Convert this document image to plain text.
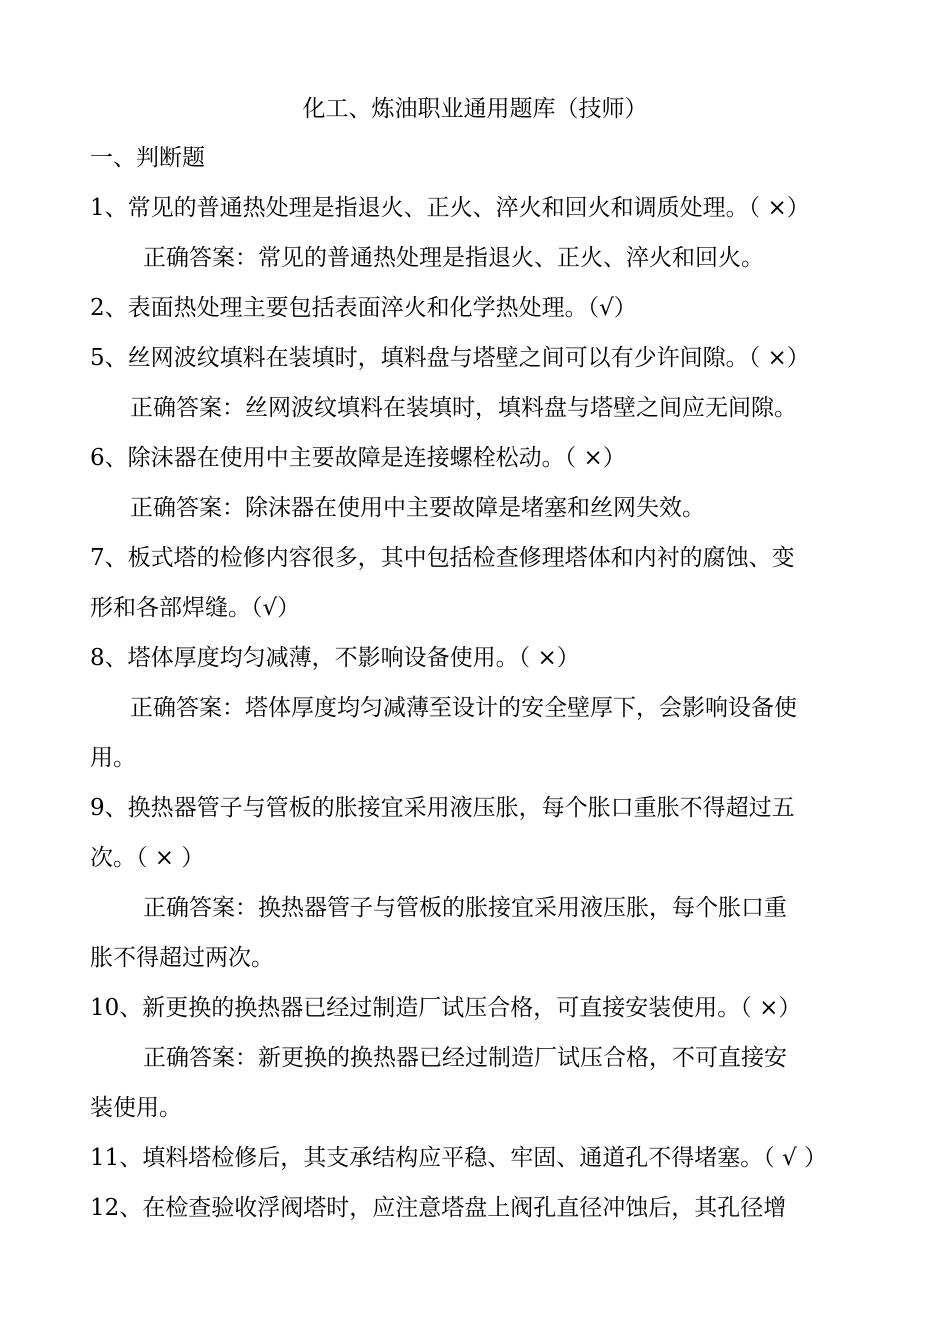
化工、炼油职业通用题库（技师）
一、判断题
1、常见的普通热处理是指退火、正火、淬火和回火和调质处理。（ ×）
正确答案：常见的普通热处理是指退火、正火、淬火和回火。
2、表面热处理主要包括表面淬火和化学热处理。（√）
5、丝网波纹填料在装填时，填料盘与塔壁之间可以有少许间隙。（ ×）
正确答案：丝网波纹填料在装填时，填料盘与塔壁之间应无间隙。
6、除沫器在使用中主要故障是连接螺栓松动。（ ×）
正确答案：除沫器在使用中主要故障是堵塞和丝网失效。
7、板式塔的检修内容很多，其中包括检查修理塔体和内衬的腐蚀、变
形和各部焊缝。（√）
8、塔体厚度均匀减薄，不影响设备使用。（ ×）
正确答案：塔体厚度均匀减薄至设计的安全壁厚下，会影响设备使
用。
9、换热器管子与管板的胀接宜采用液压胀，每个胀口重胀不得超过五
次。（ × ）
正确答案：换热器管子与管板的胀接宜采用液压胀，每个胀口重
胀不得超过两次。
10、新更换的换热器已经过制造厂试压合格，可直接安装使用。（ ×）
正确答案：新更换的换热器已经过制造厂试压合格，不可直接安
装使用。
11、填料塔检修后，其支承结构应平稳、牢固、通道孔不得堵塞。（ √ ）
12、在检查验收浮阀塔时，应注意塔盘上阀孔直径冲蚀后，其孔径增
